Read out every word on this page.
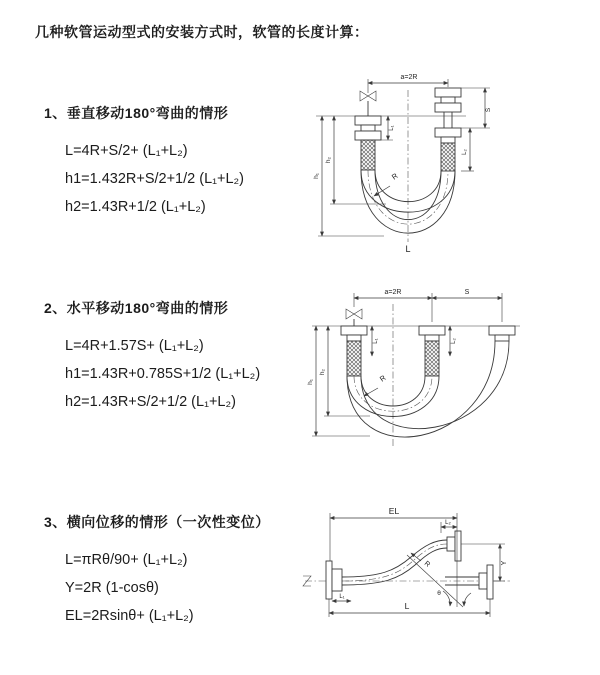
几种软管运动型式的安装方式时，软管的长度计算：
1、垂直移动180°弯曲的情形
L=4R+S/2+ (L₁+L₂)
h1=1.432R+S/2+1/2 (L₁+L₂)
h2=1.43R+1/2 (L₁+L₂)
a=2R
S
L₂
L₁
h₁
h₂
R
L
2、水平移动180°弯曲的情形
L=4R+1.57S+ (L₁+L₂)
h1=1.43R+0.785S+1/2 (L₁+L₂)
h2=1.43R+S/2+1/2 (L₁+L₂)
a=2R	S
L₁	L₂
h₁
h₂
R
3、横向位移的情形（一次性变位）
L=πRθ/90+ (L₁+L₂)
Y=2R (1-cosθ)
EL=2Rsinθ+ (L₁+L₂)
EL
L₂
Y
L
L₁	θ
R
